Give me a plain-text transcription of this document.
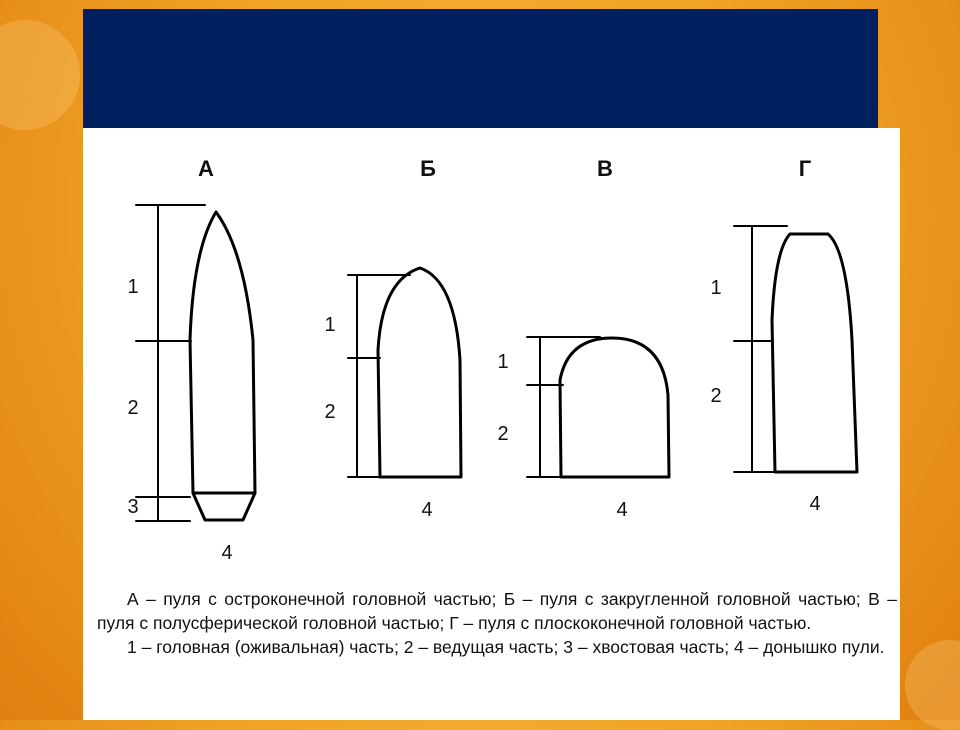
А	Б	В	Г
1
2
3
4
1
2
4
1
2
4
1
2
4

А – пуля с остроконечной головной частью; Б – пуля с закругленной головной частью; В – пуля с полусферической головной частью; Г – пуля с плоскоконечной головной частью.

1 – головная (оживальная) часть; 2 – ведущая часть; 3 – хвостовая часть; 4 – донышко пули.
